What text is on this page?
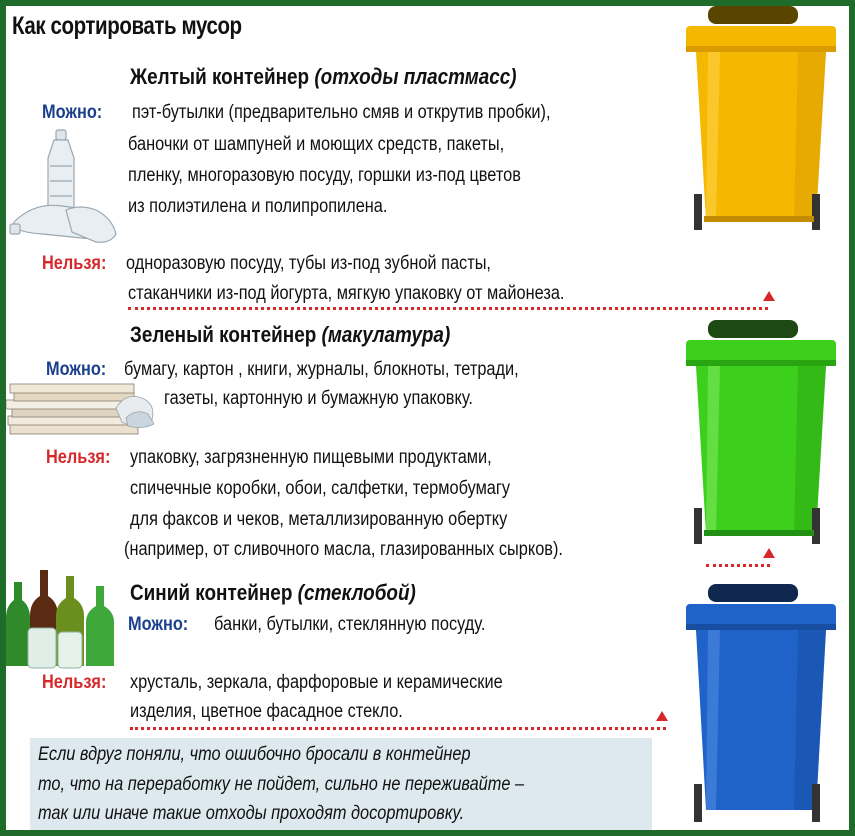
Как сортировать мусор
Желтый контейнер (отходы пластмасс)
Можно: пэт-бутылки (предварительно смяв и открутив пробки),
баночки от шампуней и моющих средств, пакеты,
пленку, многоразовую посуду, горшки из-под цветов
из полиэтилена и полипропилена.
Нельзя: одноразовую посуду, тубы из-под зубной пасты,
стаканчики из-под йогурта, мягкую упаковку от майонеза.
Зеленый контейнер (макулатура)
Можно: бумагу, картон , книги, журналы, блокноты, тетради,
газеты, картонную и бумажную упаковку.
Нельзя: упаковку, загрязненную пищевыми продуктами,
спичечные коробки, обои, салфетки, термобумагу
для факсов и чеков, металлизированную обертку
(например, от сливочного масла, глазированных сырков).
Синий контейнер (стеклобой)
Можно: банки, бутылки, стеклянную посуду.
Нельзя: хрусталь, зеркала, фарфоровые и керамические
изделия, цветное фасадное стекло.
Если вдруг поняли, что ошибочно бросали в контейнер
то, что на переработку не пойдет, сильно не переживайте –
так или иначе такие отходы проходят досортировку.
